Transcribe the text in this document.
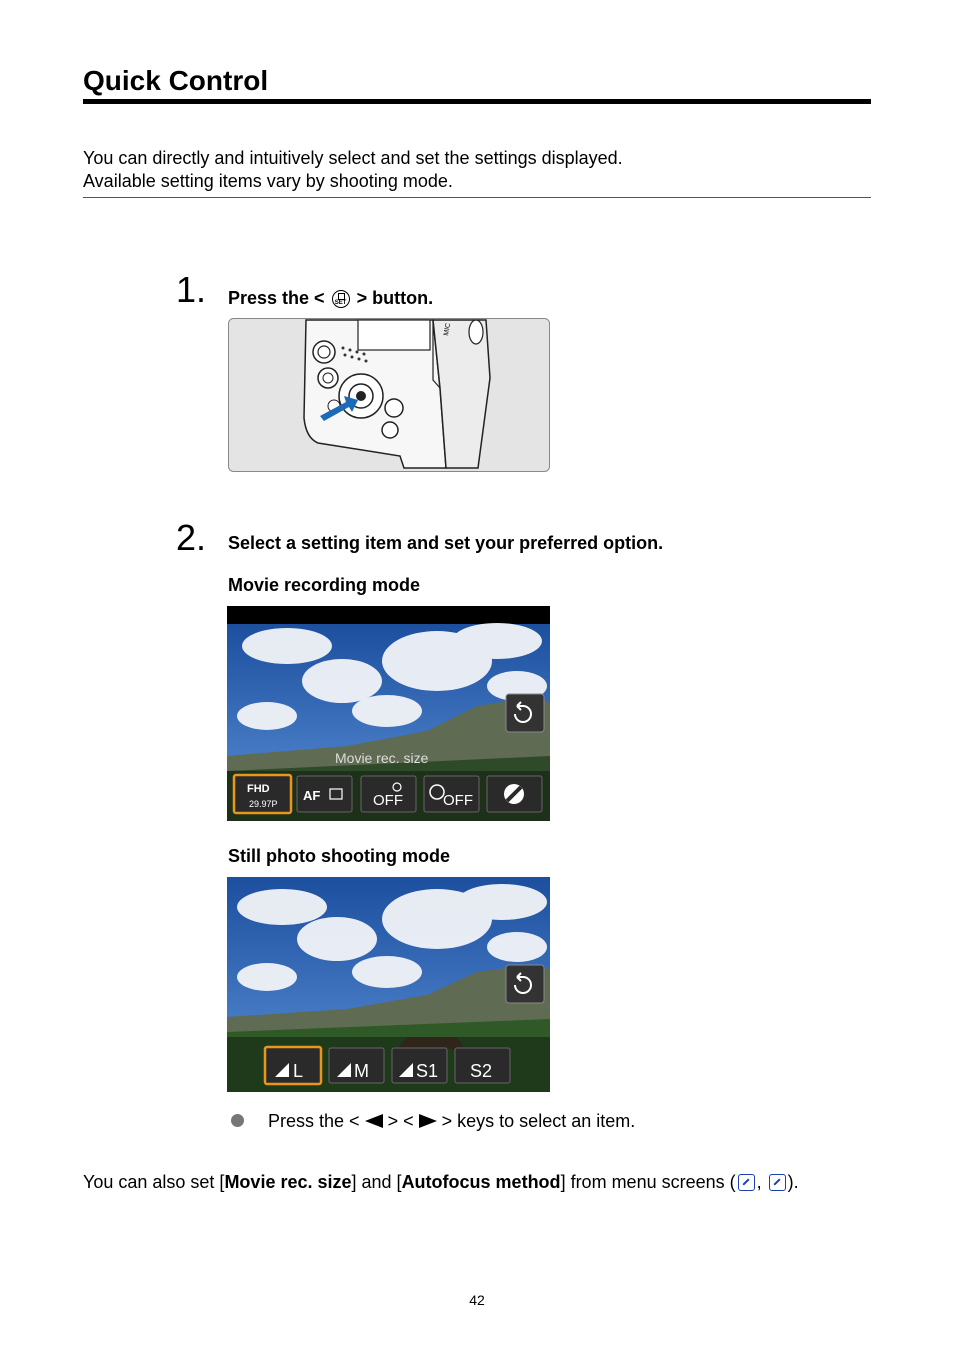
Quick Control
You can directly and intuitively select and set the settings displayed.
Available setting items vary by shooting mode.
1. Press the <	SET > button.
MIC
2. Select a setting item and set your preferred option.
Movie recording mode
Movie rec. size
FHD
29.97P
AF	OFF	OFF
Still photo shooting mode
L	M	S1 S2
Press the < > < > keys to select an item.
You can also set [Movie rec. size] and [Autofocus method] from menu screens ( , ).
42
